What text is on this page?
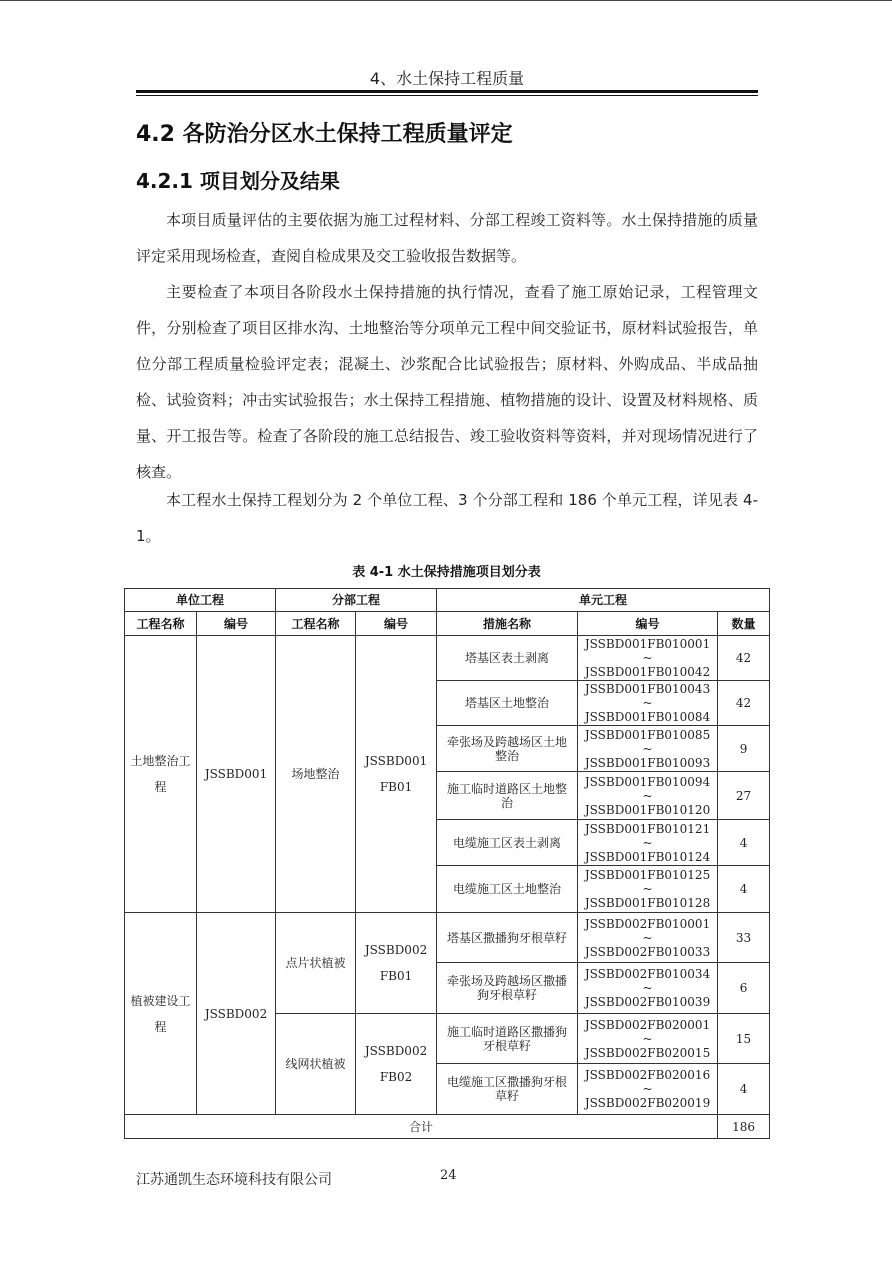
4、水土保持工程质量
4.2 各防治分区水土保持工程质量评定
4.2.1 项目划分及结果

本项目质量评估的主要依据为施工过程材料、分部工程竣工资料等。水土保持措施的质量评定采用现场检查，查阅自检成果及交工验收报告数据等。

主要检查了本项目各阶段水土保持措施的执行情况，查看了施工原始记录，工程管理文件，分别检查了项目区排水沟、土地整治等分项单元工程中间交验证书，原材料试验报告，单位分部工程质量检验评定表；混凝土、沙浆配合比试验报告；原材料、外购成品、半成品抽检、试验资料；冲击实试验报告；水土保持工程措施、植物措施的设计、设置及材料规格、质量、开工报告等。检查了各阶段的施工总结报告、竣工验收资料等资料，并对现场情况进行了核查。

本工程水土保持工程划分为 2 个单位工程、3 个分部工程和 186 个单元工程，详见表 4-1。

表 4-1 水土保持措施项目划分表
单位工程		分部工程		单元工程		
工程名称	编号	工程名称	编号	措施名称	编号	数量
土地整治工程	JSSBD001	场地整治	JSSBD001 FB01	塔基区表土剥离	JSSBD001FB010001
~
JSSBD001FB010042	42
				塔基区土地整治	JSSBD001FB010043
~
JSSBD001FB010084	42
				牵张场及跨越场区土地整治	JSSBD001FB010085
~
JSSBD001FB010093	9
				施工临时道路区土地整治	JSSBD001FB010094
~
JSSBD001FB010120	27
				电缆施工区表土剥离	JSSBD001FB010121
~
JSSBD001FB010124	4
				电缆施工区土地整治	JSSBD001FB010125
~
JSSBD001FB010128	4
植被建设工程	JSSBD002	点片状植被	JSSBD002 FB01	塔基区撒播狗牙根草籽	JSSBD002FB010001
~
JSSBD002FB010033	33
				牵张场及跨越场区撒播狗牙根草籽	JSSBD002FB010034
~
JSSBD002FB010039	6
		线网状植被	JSSBD002 FB02	施工临时道路区撒播狗牙根草籽	JSSBD002FB020001
~
JSSBD002FB020015	15
				电缆施工区撒播狗牙根草籽	JSSBD002FB020016
~
JSSBD002FB020019	4
合计						186
江苏通凯生态环境科技有限公司	24
